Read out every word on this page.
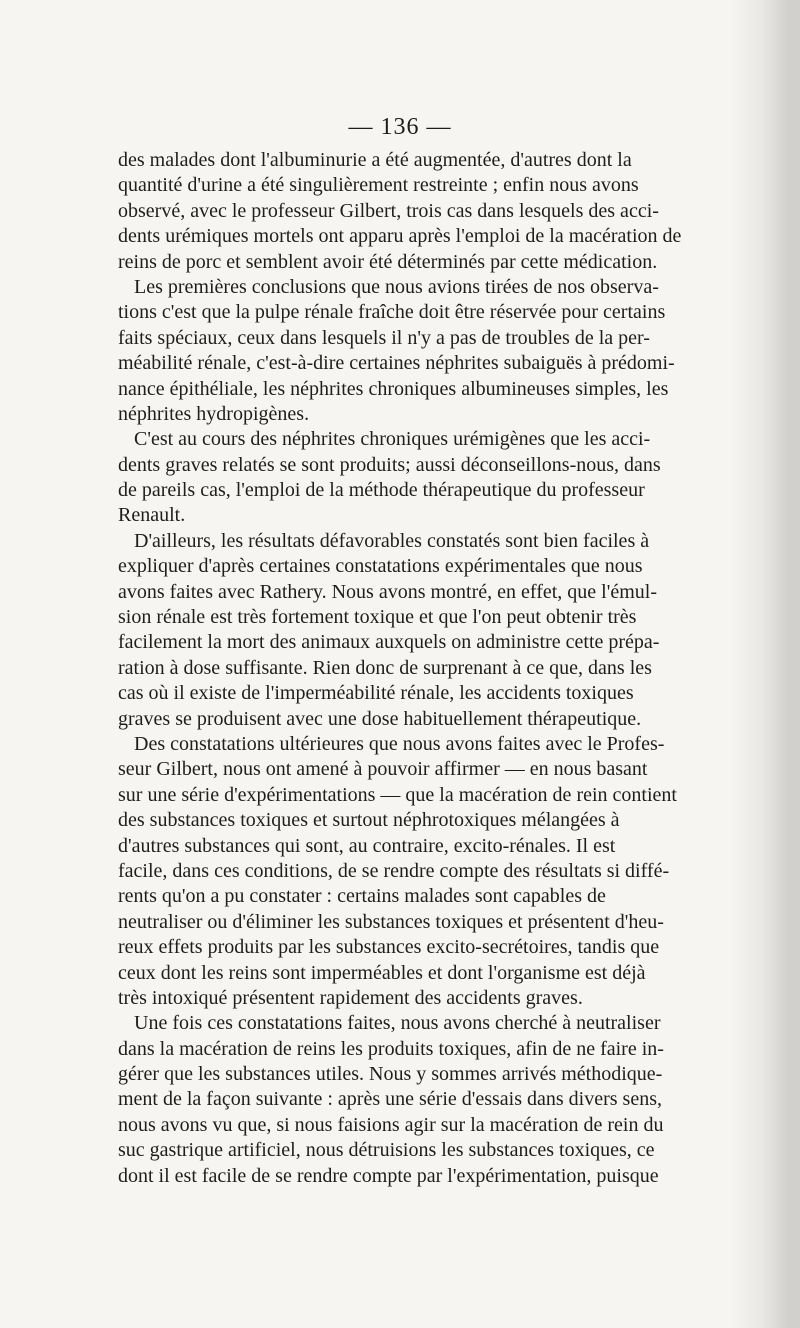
— 136 —
des malades dont l'albuminurie a été augmentée, d'autres dont la
quantité d'urine a été singulièrement restreinte ; enfin nous avons
observé, avec le professeur Gilbert, trois cas dans lesquels des acci-
dents urémiques mortels ont apparu après l'emploi de la macération de
reins de porc et semblent avoir été déterminés par cette médication.
Les premières conclusions que nous avions tirées de nos observa-
tions c'est que la pulpe rénale fraîche doit être réservée pour certains
faits spéciaux, ceux dans lesquels il n'y a pas de troubles de la per-
méabilité rénale, c'est-à-dire certaines néphrites subaiguës à prédomi-
nance épithéliale, les néphrites chroniques albumineuses simples, les
néphrites hydropigènes.
C'est au cours des néphrites chroniques urémigènes que les acci-
dents graves relatés se sont produits; aussi déconseillons-nous, dans
de pareils cas, l'emploi de la méthode thérapeutique du professeur
Renault.
D'ailleurs, les résultats défavorables constatés sont bien faciles à
expliquer d'après certaines constatations expérimentales que nous
avons faites avec Rathery. Nous avons montré, en effet, que l'émul-
sion rénale est très fortement toxique et que l'on peut obtenir très
facilement la mort des animaux auxquels on administre cette prépa-
ration à dose suffisante. Rien donc de surprenant à ce que, dans les
cas où il existe de l'imperméabilité rénale, les accidents toxiques
graves se produisent avec une dose habituellement thérapeutique.
Des constatations ultérieures que nous avons faites avec le Profes-
seur Gilbert, nous ont amené à pouvoir affirmer — en nous basant
sur une série d'expérimentations — que la macération de rein contient
des substances toxiques et surtout néphrotoxiques mélangées à
d'autres substances qui sont, au contraire, excito-rénales. Il est
facile, dans ces conditions, de se rendre compte des résultats si diffé-
rents qu'on a pu constater : certains malades sont capables de
neutraliser ou d'éliminer les substances toxiques et présentent d'heu-
reux effets produits par les substances excito-secrétoires, tandis que
ceux dont les reins sont imperméables et dont l'organisme est déjà
très intoxiqué présentent rapidement des accidents graves.
Une fois ces constatations faites, nous avons cherché à neutraliser
dans la macération de reins les produits toxiques, afin de ne faire in-
gérer que les substances utiles. Nous y sommes arrivés méthodique-
ment de la façon suivante : après une série d'essais dans divers sens,
nous avons vu que, si nous faisions agir sur la macération de rein du
suc gastrique artificiel, nous détruisions les substances toxiques, ce
dont il est facile de se rendre compte par l'expérimentation, puisque
